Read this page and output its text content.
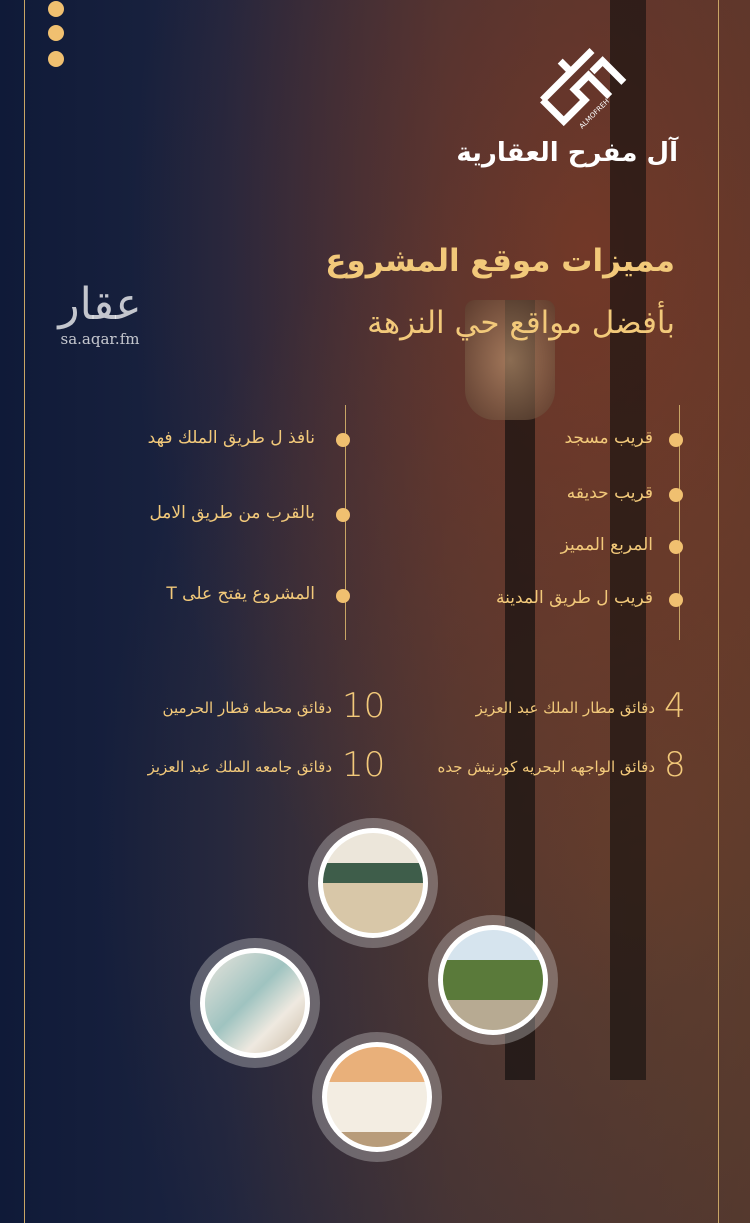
ALMOFREH
آل مفرح العقارية
عقار
sa.aqar.fm
مميزات موقع المشروع
بأفضل مواقع حي النزهة
قريب مسجد
قريب حديقه
المربع المميز
قريب ل طريق المدينة
نافذ ل طريق الملك فهد
بالقرب من طريق الامل
المشروع يفتح على T
4
دقائق مطار الملك عبد العزيز
10
دقائق محطه قطار الحرمين
8
دقائق الواجهه البحريه كورنيش جده
10
دقائق جامعه الملك عبد العزيز
